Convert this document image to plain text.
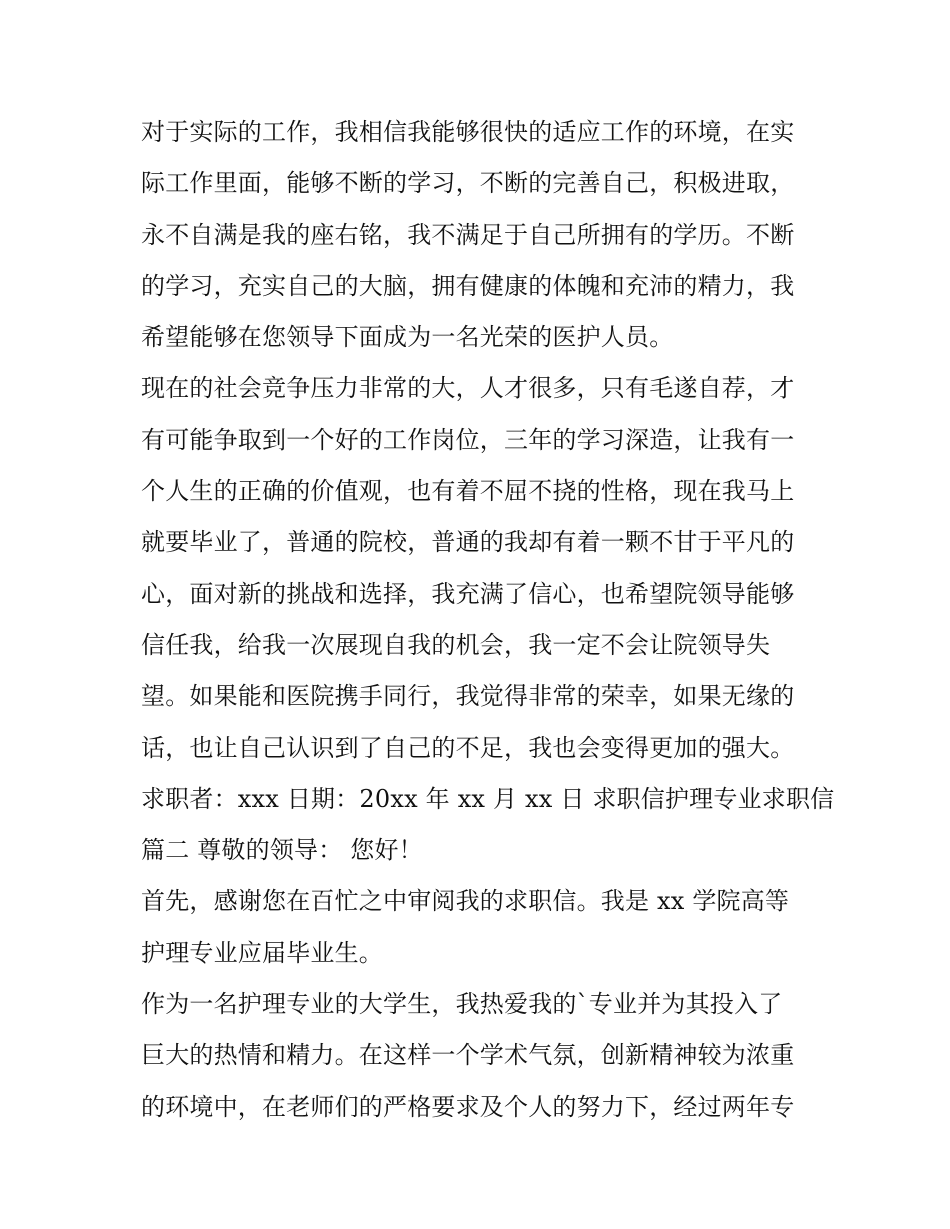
对于实际的工作，我相信我能够很快的适应工作的环境，在实
际工作里面，能够不断的学习，不断的完善自己，积极进取，
永不自满是我的座右铭，我不满足于自己所拥有的学历。不断
的学习，充实自己的大脑，拥有健康的体魄和充沛的精力，我
希望能够在您领导下面成为一名光荣的医护人员。
现在的社会竞争压力非常的大，人才很多，只有毛遂自荐，才
有可能争取到一个好的工作岗位，三年的学习深造，让我有一
个人生的正确的价值观，也有着不屈不挠的性格，现在我马上
就要毕业了，普通的院校，普通的我却有着一颗不甘于平凡的
心，面对新的挑战和选择，我充满了信心，也希望院领导能够
信任我，给我一次展现自我的机会，我一定不会让院领导失
望。如果能和医院携手同行，我觉得非常的荣幸，如果无缘的
话，也让自己认识到了自己的不足，我也会变得更加的强大。
求职者：xxx 日期：20xx 年 xx 月 xx 日 求职信护理专业求职信
篇二 尊敬的领导： 您好！
首先，感谢您在百忙之中审阅我的求职信。我是 xx 学院高等
护理专业应届毕业生。
作为一名护理专业的大学生，我热爱我的`专业并为其投入了
巨大的热情和精力。在这样一个学术气氛，创新精神较为浓重
的环境中，在老师们的严格要求及个人的努力下，经过两年专
